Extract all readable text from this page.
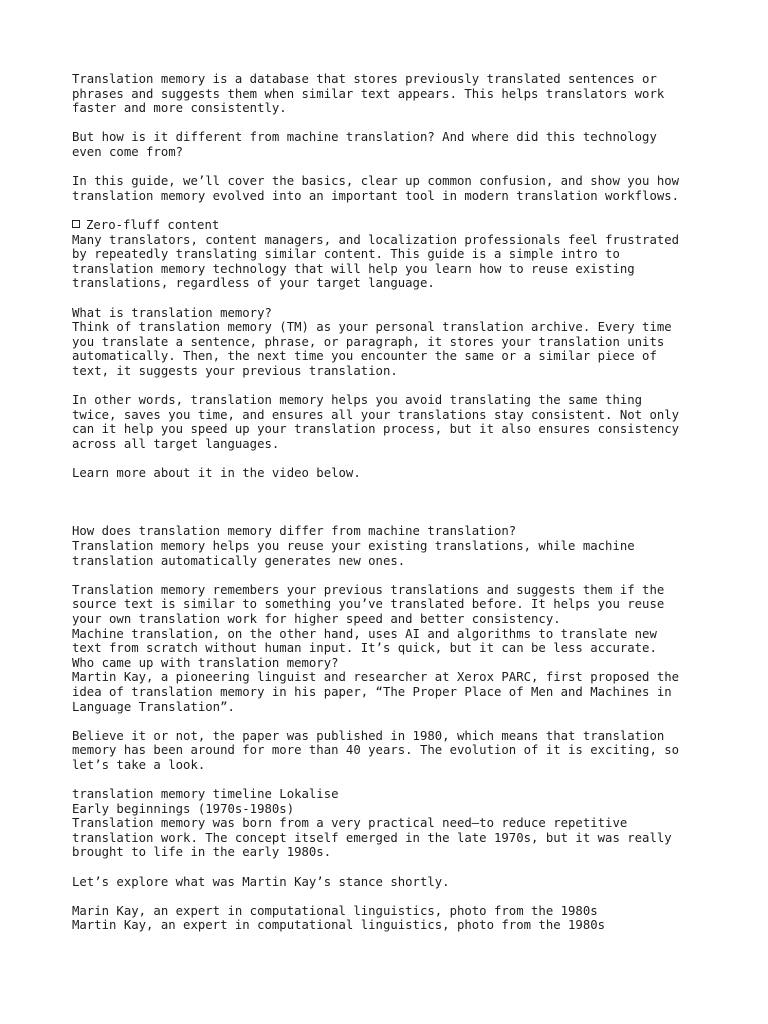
Translation memory is a database that stores previously translated sentences or
phrases and suggests them when similar text appears. This helps translators work
faster and more consistently.
But how is it different from machine translation? And where did this technology
even come from?
In this guide, we’ll cover the basics, clear up common confusion, and show you how
translation memory evolved into an important tool in modern translation workflows.
Zero-fluff content

Many translators, content managers, and localization professionals feel frustrated
by repeatedly translating similar content. This guide is a simple intro to
translation memory technology that will help you learn how to reuse existing
translations, regardless of your target language.
What is translation memory?
Think of translation memory (TM) as your personal translation archive. Every time
you translate a sentence, phrase, or paragraph, it stores your translation units
automatically. Then, the next time you encounter the same or a similar piece of
text, it suggests your previous translation.
In other words, translation memory helps you avoid translating the same thing
twice, saves you time, and ensures all your translations stay consistent. Not only
can it help you speed up your translation process, but it also ensures consistency
across all target languages.
Learn more about it in the video below.

How does translation memory differ from machine translation?
Translation memory helps you reuse your existing translations, while machine
translation automatically generates new ones.
Translation memory remembers your previous translations and suggests them if the
source text is similar to something you’ve translated before. It helps you reuse
your own translation work for higher speed and better consistency.
Machine translation, on the other hand, uses AI and algorithms to translate new
text from scratch without human input. It’s quick, but it can be less accurate.
Who came up with translation memory?
Martin Kay, a pioneering linguist and researcher at Xerox PARC, first proposed the
idea of translation memory in his paper, “The Proper Place of Men and Machines in
Language Translation”.
Believe it or not, the paper was published in 1980, which means that translation
memory has been around for more than 40 years. The evolution of it is exciting, so
let’s take a look.
translation memory timeline Lokalise
Early beginnings (1970s-1980s)
Translation memory was born from a very practical need–to reduce repetitive
translation work. The concept itself emerged in the late 1970s, but it was really
brought to life in the early 1980s.
Let’s explore what was Martin Kay’s stance shortly.
Marin Kay, an expert in computational linguistics, photo from the 1980s
Martin Kay, an expert in computational linguistics, photo from the 1980s
